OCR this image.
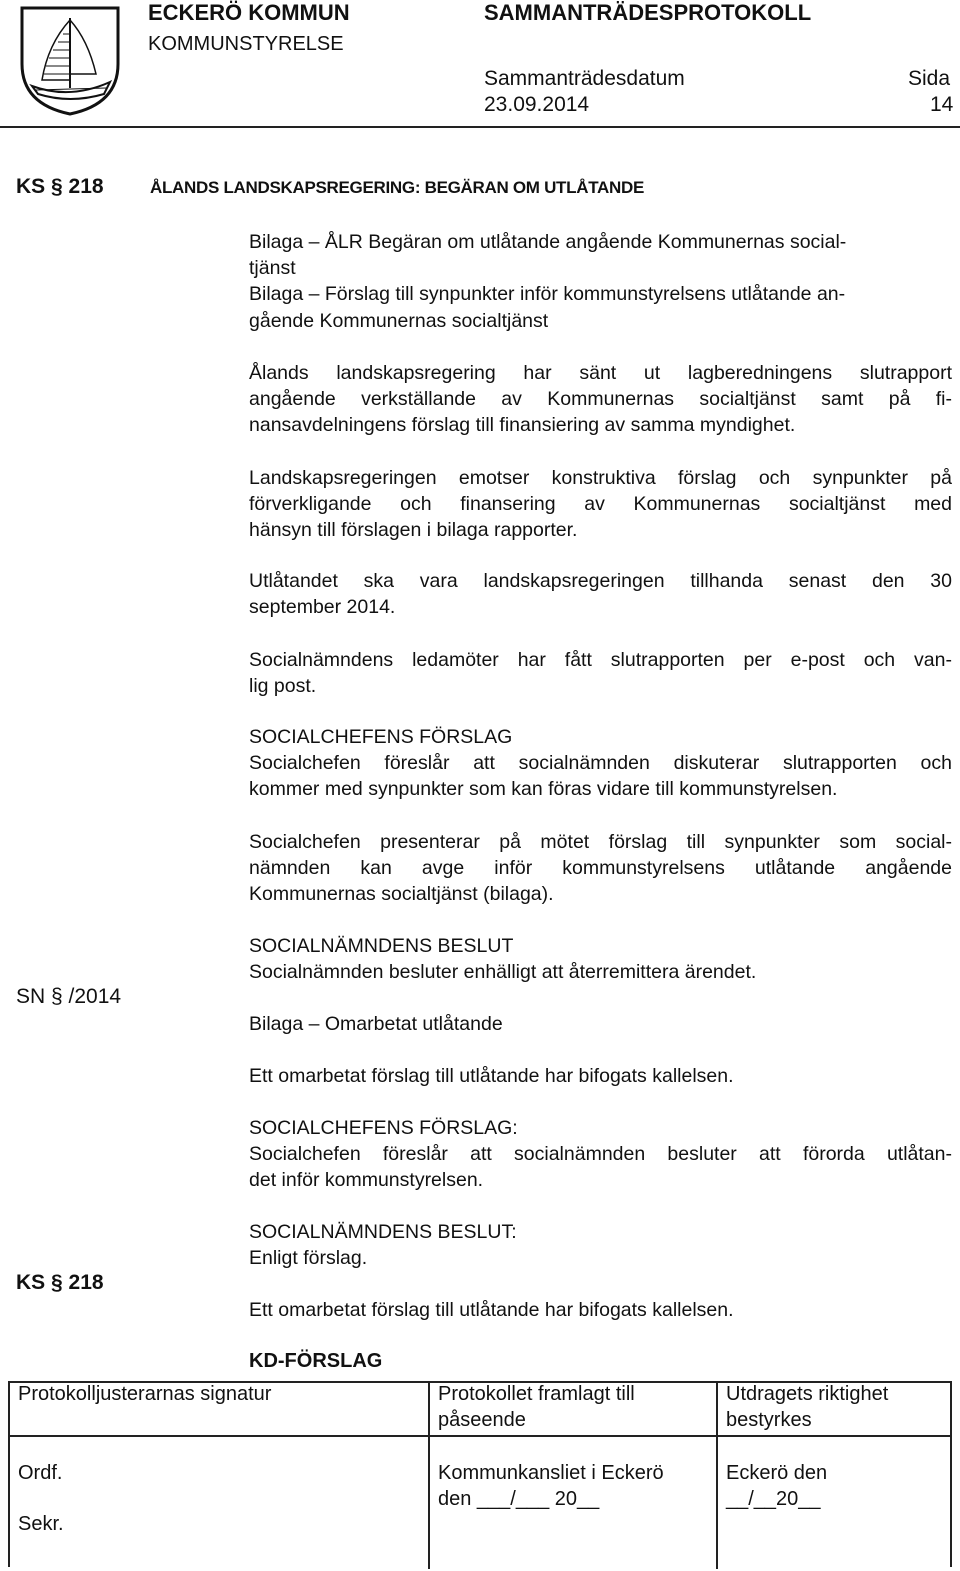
ECKERÖ KOMMUN
KOMMUNSTYRELSE
SAMMANTRÄDESPROTOKOLL
Sammanträdesdatum
23.09.2014
Sida
14
KS § 218	ÅLANDS LANDSKAPSREGERING: BEGÄRAN OM UTLÅTANDE
Bilaga – ÅLR Begäran om utlåtande angående Kommunernas social-
tjänst
Bilaga – Förslag till synpunkter inför kommunstyrelsens utlåtande an-
gående Kommunernas socialtjänst
Ålands landskapsregering har sänt ut lagberedningens slutrapport
angående verkställande av Kommunernas socialtjänst samt på fi-
nansavdelningens förslag till finansiering av samma myndighet.
Landskapsregeringen emotser konstruktiva förslag och synpunkter på
förverkligande och finansering av Kommunernas socialtjänst med
hänsyn till förslagen i bilaga rapporter.
Utlåtandet ska vara landskapsregeringen tillhanda senast den 30
september 2014.
Socialnämndens ledamöter har fått slutrapporten per e-post och van-
lig post.
SOCIALCHEFENS FÖRSLAG
Socialchefen föreslår att socialnämnden diskuterar slutrapporten och
kommer med synpunkter som kan föras vidare till kommunstyrelsen.
Socialchefen presenterar på mötet förslag till synpunkter som social-
nämnden kan avge inför kommunstyrelsens utlåtande angående
Kommunernas socialtjänst (bilaga).
SN § /2014
SOCIALNÄMNDENS BESLUT
Socialnämnden besluter enhälligt att återremittera ärendet.
Bilaga – Omarbetat utlåtande
Ett omarbetat förslag till utlåtande har bifogats kallelsen.
SOCIALCHEFENS FÖRSLAG:
Socialchefen föreslår att socialnämnden besluter att förorda utlåtan-
det inför kommunstyrelsen.
KS § 218
SOCIALNÄMNDENS BESLUT:
Enligt förslag.
Ett omarbetat förslag till utlåtande har bifogats kallelsen.
KD-FÖRSLAG
Protokolljusterarnas signatur	Protokollet framlagt till
påseende
Utdragets riktighet
bestyrkes
Ordf.
Sekr.
Kommunkansliet i Eckerö
den ___/___ 20__
Eckerö den
__/__20__
